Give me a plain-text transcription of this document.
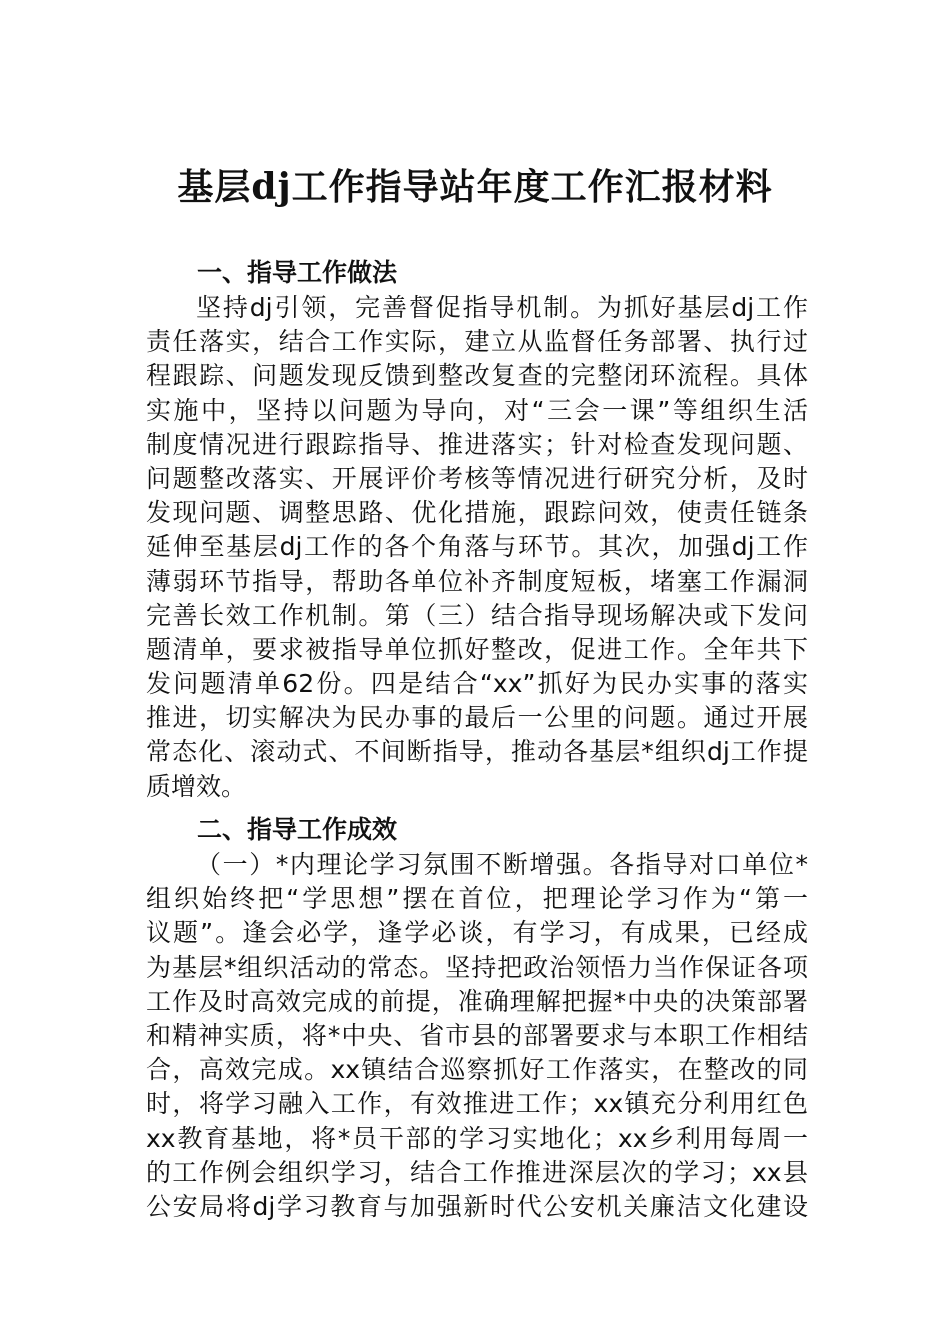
基层dj工作指导站年度工作汇报材料
一、指导工作做法
坚持dj引领，完善督促指导机制。为抓好基层dj工作
责任落实，结合工作实际，建立从监督任务部署、执行过
程跟踪、问题发现反馈到整改复查的完整闭环流程。具体
实施中，坚持以问题为导向，对“三会一课”等组织生活
制度情况进行跟踪指导、推进落实；针对检查发现问题、
问题整改落实、开展评价考核等情况进行研究分析，及时
发现问题、调整思路、优化措施，跟踪问效，使责任链条
延伸至基层dj工作的各个角落与环节。其次，加强dj工作
薄弱环节指导，帮助各单位补齐制度短板，堵塞工作漏洞
完善长效工作机制。第（三）结合指导现场解决或下发问
题清单，要求被指导单位抓好整改，促进工作。全年共下
发问题清单62份。四是结合“xx”抓好为民办实事的落实
推进，切实解决为民办事的最后一公里的问题。通过开展
常态化、滚动式、不间断指导，推动各基层*组织dj工作提
质增效。
二、指导工作成效
（一）*内理论学习氛围不断增强。各指导对口单位*
组织始终把“学思想”摆在首位，把理论学习作为“第一
议题”。逢会必学，逢学必谈，有学习，有成果，已经成
为基层*组织活动的常态。坚持把政治领悟力当作保证各项
工作及时高效完成的前提，准确理解把握*中央的决策部署
和精神实质，将*中央、省市县的部署要求与本职工作相结
合，高效完成。xx镇结合巡察抓好工作落实，在整改的同
时，将学习融入工作，有效推进工作；xx镇充分利用红色
xx教育基地，将*员干部的学习实地化；xx乡利用每周一
的工作例会组织学习，结合工作推进深层次的学习；xx县
公安局将dj学习教育与加强新时代公安机关廉洁文化建设
